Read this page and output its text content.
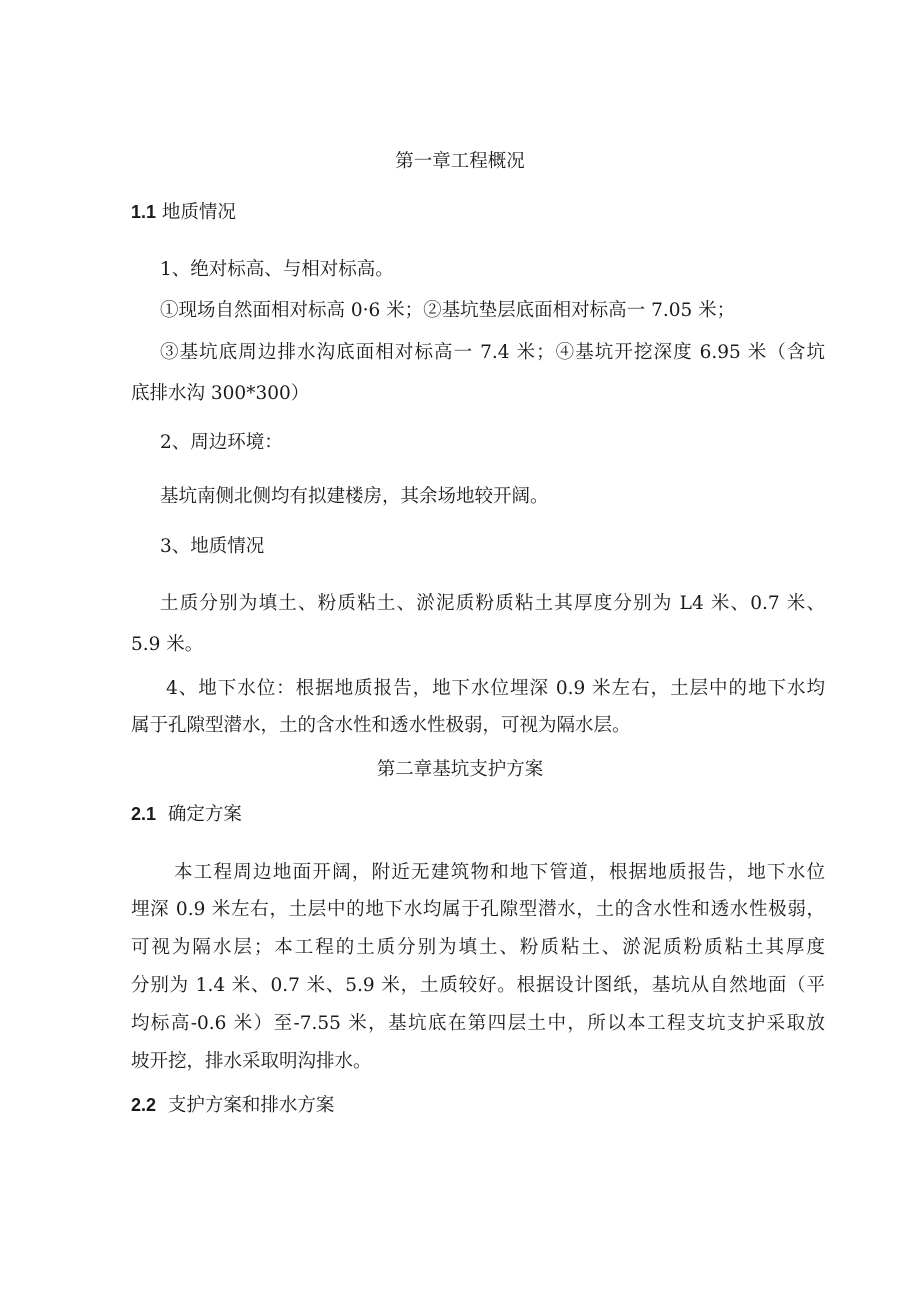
第一章工程概况
1.1 地质情况
1、绝对标高、与相对标高。
①现场自然面相对标高 0·6 米；②基坑垫层底面相对标高一 7.05 米；
③基坑底周边排水沟底面相对标高一 7.4 米；④基坑开挖深度 6.95 米（含坑
底排水沟 300*300）
2、周边环境：
基坑南侧北侧均有拟建楼房，其余场地较开阔。
3、地质情况
土质分别为填土、粉质粘土、淤泥质粉质粘土其厚度分别为 L4 米、0.7 米、
5.9 米。
4、地下水位：根据地质报告，地下水位埋深 0.9 米左右，土层中的地下水均
属于孔隙型潜水，土的含水性和透水性极弱，可视为隔水层。
第二章基坑支护方案
2.1 确定方案
本工程周边地面开阔，附近无建筑物和地下管道，根据地质报告，地下水位
埋深 0.9 米左右，土层中的地下水均属于孔隙型潜水，土的含水性和透水性极弱，
可视为隔水层；本工程的土质分别为填土、粉质粘土、淤泥质粉质粘土其厚度
分别为 1.4 米、0.7 米、5.9 米，土质较好。根据设计图纸，基坑从自然地面（平
均标高-0.6 米）至-7.55 米，基坑底在第四层土中，所以本工程支坑支护采取放
坡开挖，排水采取明沟排水。
2.2 支护方案和排水方案
